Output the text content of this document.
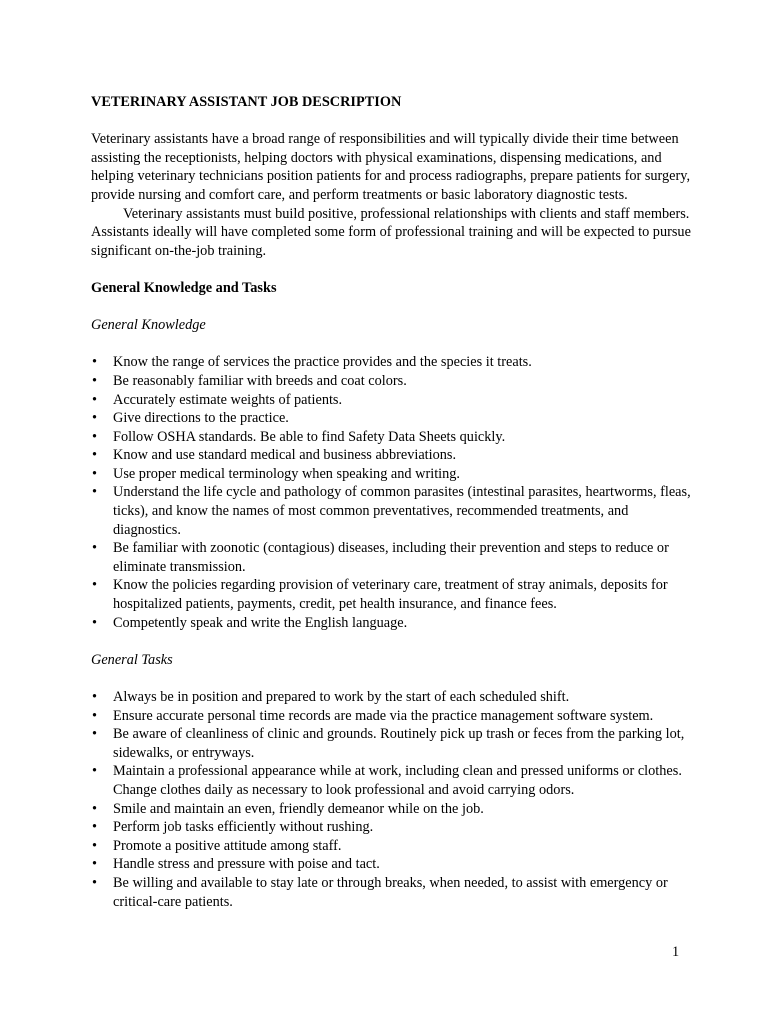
VETERINARY ASSISTANT JOB DESCRIPTION

Veterinary assistants have a broad range of responsibilities and will typically divide their time between assisting the receptionists, helping doctors with physical examinations, dispensing medications, and helping veterinary technicians position patients for and process radiographs, prepare patients for surgery, provide nursing and comfort care, and perform treatments or basic laboratory diagnostic tests.

Veterinary assistants must build positive, professional relationships with clients and staff members. Assistants ideally will have completed some form of professional training and will be expected to pursue significant on-the-job training.

General Knowledge and Tasks
General Knowledge
• Know the range of services the practice provides and the species it treats.
• Be reasonably familiar with breeds and coat colors.
• Accurately estimate weights of patients.
• Give directions to the practice.
• Follow OSHA standards. Be able to find Safety Data Sheets quickly.
• Know and use standard medical and business abbreviations.
• Use proper medical terminology when speaking and writing.
• Understand the life cycle and pathology of common parasites (intestinal parasites, heartworms, fleas, ticks), and know the names of most common preventatives, recommended treatments, and diagnostics.
• Be familiar with zoonotic (contagious) diseases, including their prevention and steps to reduce or eliminate transmission.
• Know the policies regarding provision of veterinary care, treatment of stray animals, deposits for hospitalized patients, payments, credit, pet health insurance, and finance fees.
• Competently speak and write the English language.
General Tasks
• Always be in position and prepared to work by the start of each scheduled shift.
• Ensure accurate personal time records are made via the practice management software system.
• Be aware of cleanliness of clinic and grounds. Routinely pick up trash or feces from the parking lot, sidewalks, or entryways.
• Maintain a professional appearance while at work, including clean and pressed uniforms or clothes. Change clothes daily as necessary to look professional and avoid carrying odors.
• Smile and maintain an even, friendly demeanor while on the job.
• Perform job tasks efficiently without rushing.
• Promote a positive attitude among staff.
• Handle stress and pressure with poise and tact.
• Be willing and available to stay late or through breaks, when needed, to assist with emergency or critical-care patients.
1
